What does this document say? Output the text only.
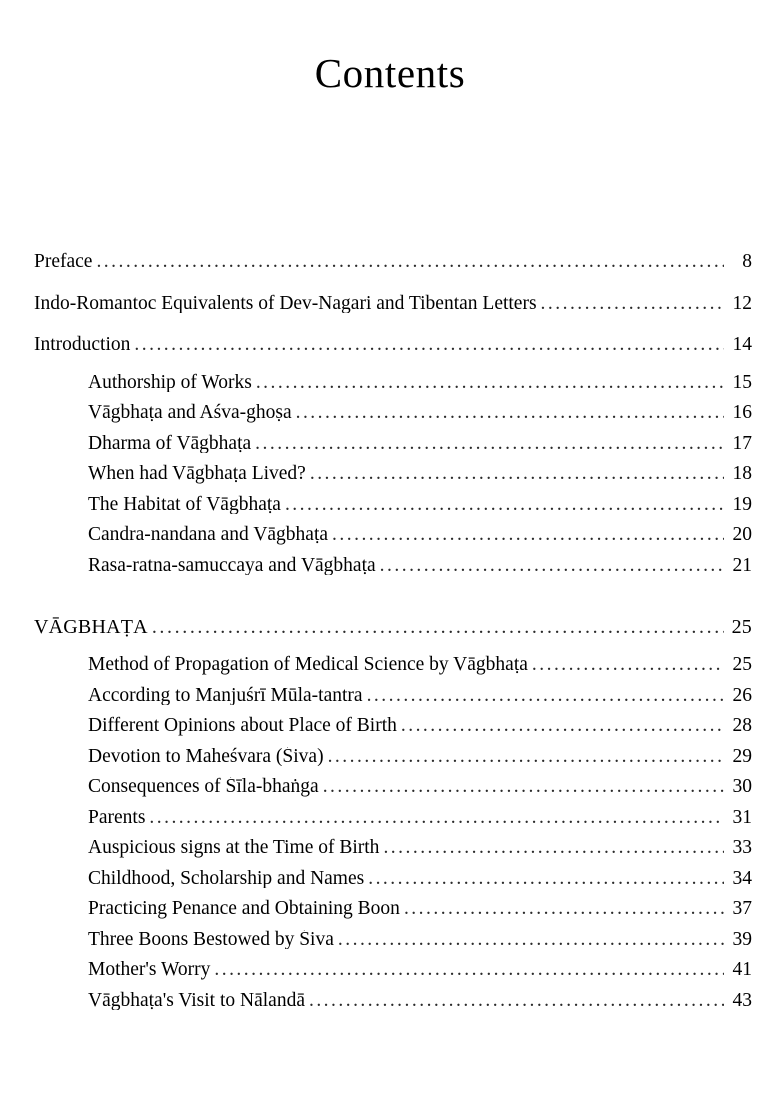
Contents
Preface . . .	8
Indo-Romantoc Equivalents of Dev-Nagari and Tibentan Letters . . .	12
Introduction . . .	14
Authorship of Works . . .	15
Vāgbhaṭa and Aśva-ghoṣa . . .	16
Dharma of Vāgbhaṭa . . .	17
When had Vāgbhaṭa Lived? . . .	18
The Habitat of Vāgbhaṭa . . .	19
Candra-nandana and Vāgbhaṭa . . .	20
Rasa-ratna-samuccaya and Vāgbhaṭa . . .	21
VĀGBHAṬA . . .	25
Method of Propagation of Medical Science by Vāgbhaṭa . . .	25
According to Manjuśrī Mūla-tantra . . .	26
Different Opinions about Place of Birth . . .	28
Devotion to Maheśvara (Śiva) . . .	29
Consequences of Śīla-bhaṅga . . .	30
Parents . . .	31
Auspicious signs at the Time of Birth . . .	33
Childhood, Scholarship and Names . . .	34
Practicing Penance and Obtaining Boon . . .	37
Three Boons Bestowed by Śiva . . .	39
Mother's Worry . . .	41
Vāgbhaṭa's Visit to Nālandā . . .	43
